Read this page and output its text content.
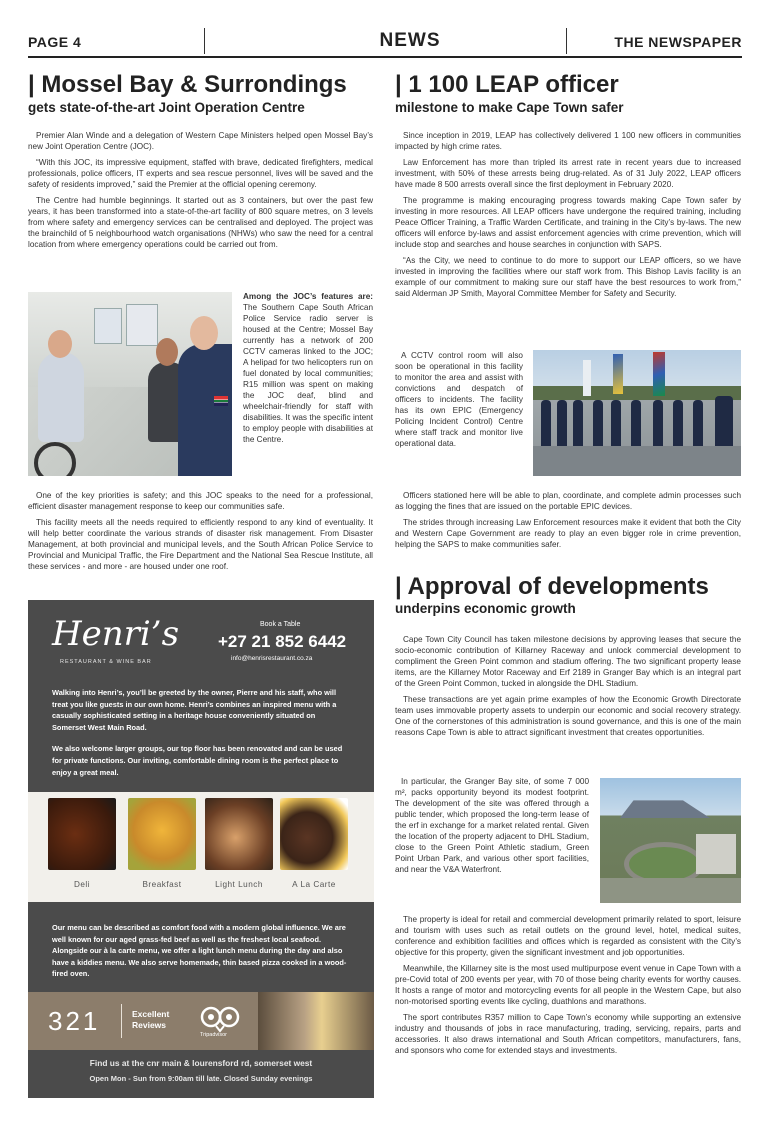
PAGE 4	NEWS	THE NEWSPAPER
| Mossel Bay & Surrondings
gets state-of-the-art Joint Operation Centre

Premier Alan Winde and a delegation of Western Cape Ministers helped open Mossel Bay’s new Joint Operation Centre (JOC).

“With this JOC, its impressive equipment, staffed with brave, dedicated firefighters, medical professionals, police officers, IT experts and sea rescue personnel, lives will be saved and the safety of residents improved,” said the Premier at the official opening ceremony.

The Centre had humble beginnings. It started out as 3 containers, but over the past few years, it has been transformed into a state-of-the-art facility of 800 square metres, on 3 levels from where safety and emergency services can be centralised and deployed. The project was the brainchild of 5 neighbourhood watch organisations (NHWs) who saw the need for a central location from where emergency operations could be carried out from.

Among the JOC’s features are: The Southern Cape South African Police Service radio server is housed at the Centre; Mossel Bay currently has a network of 200 CCTV cameras linked to the JOC; A helipad for two helicopters run on fuel donated by local communities; R15 million was spent on making the JOC deaf, blind and wheelchair-friendly for staff with disabilities. It was the specific intent to employ people with disabilities at the Centre.

One of the key priorities is safety; and this JOC speaks to the need for a professional, efficient disaster management response to keep our communities safe.

This facility meets all the needs required to efficiently respond to any kind of eventuality. It will help better coordinate the various strands of disaster risk management. From Disaster Management, at both provincial and municipal levels, and the South African Police Service to Provincial and Municipal Traffic, the Fire Department and the National Sea Rescue Institute, all these services - and more - are housed under one roof.

| 1 100 LEAP officer
milestone to make Cape Town safer

Since inception in 2019, LEAP has collectively delivered 1 100 new officers in communities impacted by high crime rates.

Law Enforcement has more than tripled its arrest rate in recent years due to increased investment, with 50% of these arrests being drug-related. As of 31 July 2022, LEAP officers have made 8 500 arrests overall since the first deployment in February 2020.

The programme is making encouraging progress towards making Cape Town safer by investing in more resources. All LEAP officers have undergone the required training, including Peace Officer Training, a Traffic Warden Certificate, and training in the City’s by-laws. The new officers will enforce by-laws and assist enforcement agencies with crime prevention, which will include stop and searches and house searches in conjunction with SAPS.

“As the City, we need to continue to do more to support our LEAP officers, so we have invested in improving the facilities where our staff work from. This Bishop Lavis facility is an example of our commitment to making sure our staff have the best resources to work from,” said Alderman JP Smith, Mayoral Committee Member for Safety and Security.

A CCTV control room will also soon be operational in this facility to monitor the area and assist with convictions and despatch of officers to incidents. The facility has its own EPIC (Emergency Policing Incident Control) Centre where staff track and monitor live operational data.

Officers stationed here will be able to plan, coordinate, and complete admin processes such as logging the fines that are issued on the portable EPIC devices.

The strides through increasing Law Enforcement resources make it evident that both the City and Western Cape Government are ready to play an even bigger role in crime prevention, helping the SAPS to make communities safer.

| Approval of developments
underpins economic growth

Cape Town City Council has taken milestone decisions by approving leases that secure the socio-economic contribution of Killarney Raceway and unlock commercial development to compliment the Green Point common and stadium offering. The two significant property lease items, are the Killarney Motor Raceway and Erf 2189 in Granger Bay which is an integral part of the Green Point Common, tucked in alongside the DHL Stadium.

These transactions are yet again prime examples of how the Economic Growth Directorate team uses immovable property assets to underpin our economic and social recovery strategy. One of the cornerstones of this administration is sound governance, and this is one of the main reasons Cape Town is able to attract significant investment that creates opportunities.

In particular, the Granger Bay site, of some 7 000 m², packs opportunity beyond its modest footprint. The development of the site was offered through a public tender, which proposed the long-term lease of the erf in exchange for a market related rental. Given the location of the property adjacent to DHL Stadium, close to the Green Point Athletic stadium, Green Point Urban Park, and various other sport facilities, and near the V&A Waterfront.

The property is ideal for retail and commercial development primarily related to sport, leisure and tourism with uses such as retail outlets on the ground level, hotel, medical suites, conference and exhibition facilities and offices which is regarded as consistent with the City’s objective for this property, given the significant investment and job opportunities.

Meanwhile, the Killarney site is the most used multipurpose event venue in Cape Town with a pre-Covid total of 200 events per year, with 70 of those being charity events for worthy causes. It hosts a range of motor and motorcycling events for all people in the Western Cape, but also non-motorised sporting events like cycling, duathlons and marathons.

The sport contributes R357 million to Cape Town’s economy while supporting an extensive industry and thousands of jobs in race manufacturing, trading, servicing, repairs, parts and accessories. It also draws international and South African competitors, manufacturers, fans, and sponsors who come for extended stays and investments.

Henri’s
RESTAURANT & WINE BAR
Book a Table
+27 21 852 6442
info@henrisrestaurant.co.za

Walking into Henri’s, you’ll be greeted by the owner, Pierre and his staff, who will treat you like guests in our own home. Henri’s combines an inspired menu with a casually sophisticated setting in a heritage house conveniently situated on Somerset West Main Road.

We also welcome larger groups, our top floor has been renovated and can be used for private functions. Our inviting, comfortable dining room is the perfect place to enjoy a great meal.

Deli	Breakfast	Light Lunch	A La Carte
Our menu can be described as comfort food with a modern global influence. We are well known for our aged grass-fed beef as well as the freshest local seafood. Alongside our à la carte menu, we offer a light lunch menu during the day and also have a kiddies menu. We also serve homemade, thin based pizza cooked in a wood-fired oven.
321	Excellent
Reviews
Tripadvisor
Find us at the cnr main & lourensford rd, somerset west
Open Mon - Sun from 9:00am till late. Closed Sunday evenings
